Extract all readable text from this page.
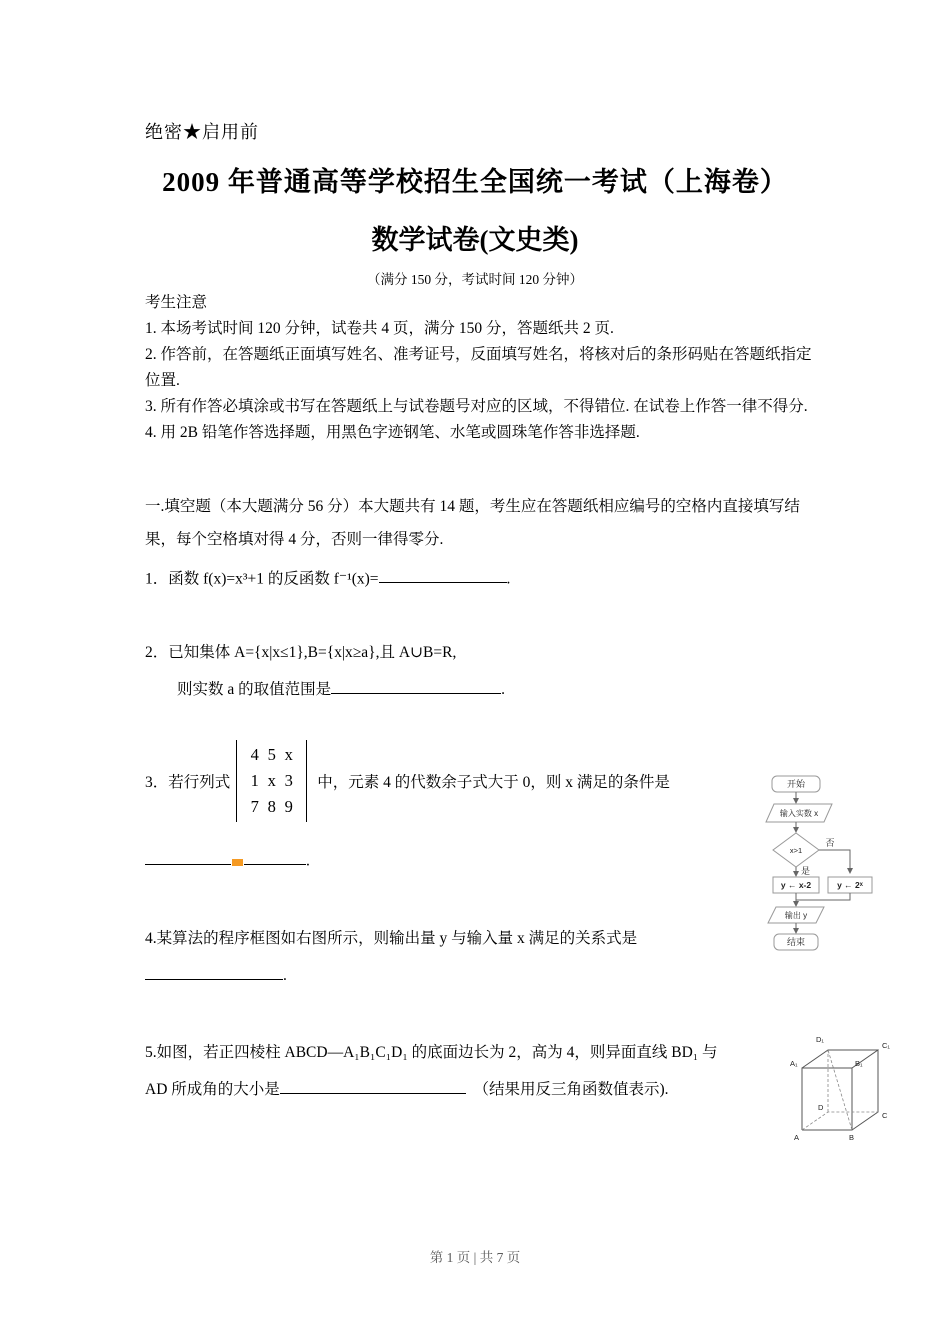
绝密★启用前
2009 年普通高等学校招生全国统一考试（上海卷）
数学试卷(文史类)
（满分 150 分，考试时间 120 分钟）
考生注意
1. 本场考试时间 120 分钟，试卷共 4 页，满分 150 分，答题纸共 2 页.
2. 作答前，在答题纸正面填写姓名、准考证号，反面填写姓名，将核对后的条形码贴在答题纸指定位置.
3. 所有作答必填涂或书写在答题纸上与试卷题号对应的区域，不得错位. 在试卷上作答一律不得分.
4. 用 2B 铅笔作答选择题，用黑色字迹钢笔、水笔或圆珠笔作答非选择题.
一.填空题（本大题满分 56 分）本大题共有 14 题，考生应在答题纸相应编号的空格内直接填写结果，每个空格填对得 4 分，否则一律得零分.
1．函数 f(x)=x³+1 的反函数 f⁻¹(x)=	.
2．已知集体 A={x|x≤1},B={x|x≥a},且 A∪B=R,
则实数 a 的取值范围是	.
3．若行列式
4 5 x
1 x 3
7 8 9
中，元素 4 的代数余子式大于 0，则 x 满足的条件是
.
4.某算法的程序框图如右图所示，则输出量 y 与输入量 x 满足的关系式是
.
5.如图，若正四棱柱 ABCD—A₁B₁C₁D₁ 的底面边长为 2，高为 4，则异面直线 BD₁ 与
AD 所成角的大小是	（结果用反三角函数值表示).
开始
输入实数 x
x>1
否
是
y ← x-2	y ← 2ˣ
输出 y
结束
A	B
C
D
A₁	B₁
C₁
D₁
第 1 页 | 共 7 页
